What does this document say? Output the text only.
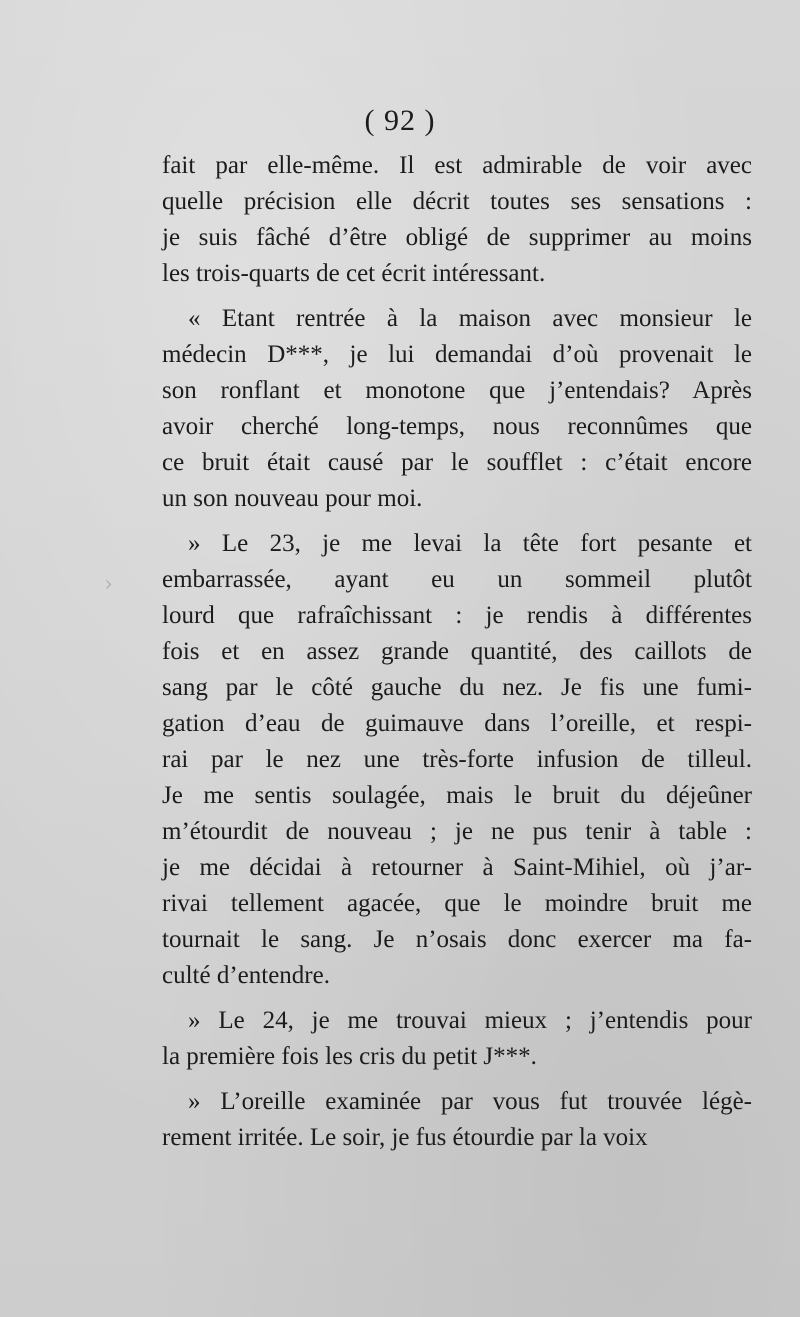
( 92 )
›
fait par elle-même. Il est admirable de voir avec
quelle précision elle décrit toutes ses sensations :
je suis fâché d’être obligé de supprimer au moins
les trois-quarts de cet écrit intéressant.
« Etant rentrée à la maison avec monsieur le
médecin D***, je lui demandai d’où provenait le
son ronflant et monotone que j’entendais? Après
avoir cherché long-temps, nous reconnûmes que
ce bruit était causé par le soufflet : c’était encore
un son nouveau pour moi.
» Le 23, je me levai la tête fort pesante et
embarrassée, ayant eu un sommeil plutôt
lourd que rafraîchissant : je rendis à différentes
fois et en assez grande quantité, des caillots de
sang par le côté gauche du nez. Je fis une fumi-
gation d’eau de guimauve dans l’oreille, et respi-
rai par le nez une très-forte infusion de tilleul.
Je me sentis soulagée, mais le bruit du déjeûner
m’étourdit de nouveau ; je ne pus tenir à table :
je me décidai à retourner à Saint-Mihiel, où j’ar-
rivai tellement agacée, que le moindre bruit me
tournait le sang. Je n’osais donc exercer ma fa-
culté d’entendre.
» Le 24, je me trouvai mieux ; j’entendis pour
la première fois les cris du petit J***.
» L’oreille examinée par vous fut trouvée légè-
rement irritée. Le soir, je fus étourdie par la voix
